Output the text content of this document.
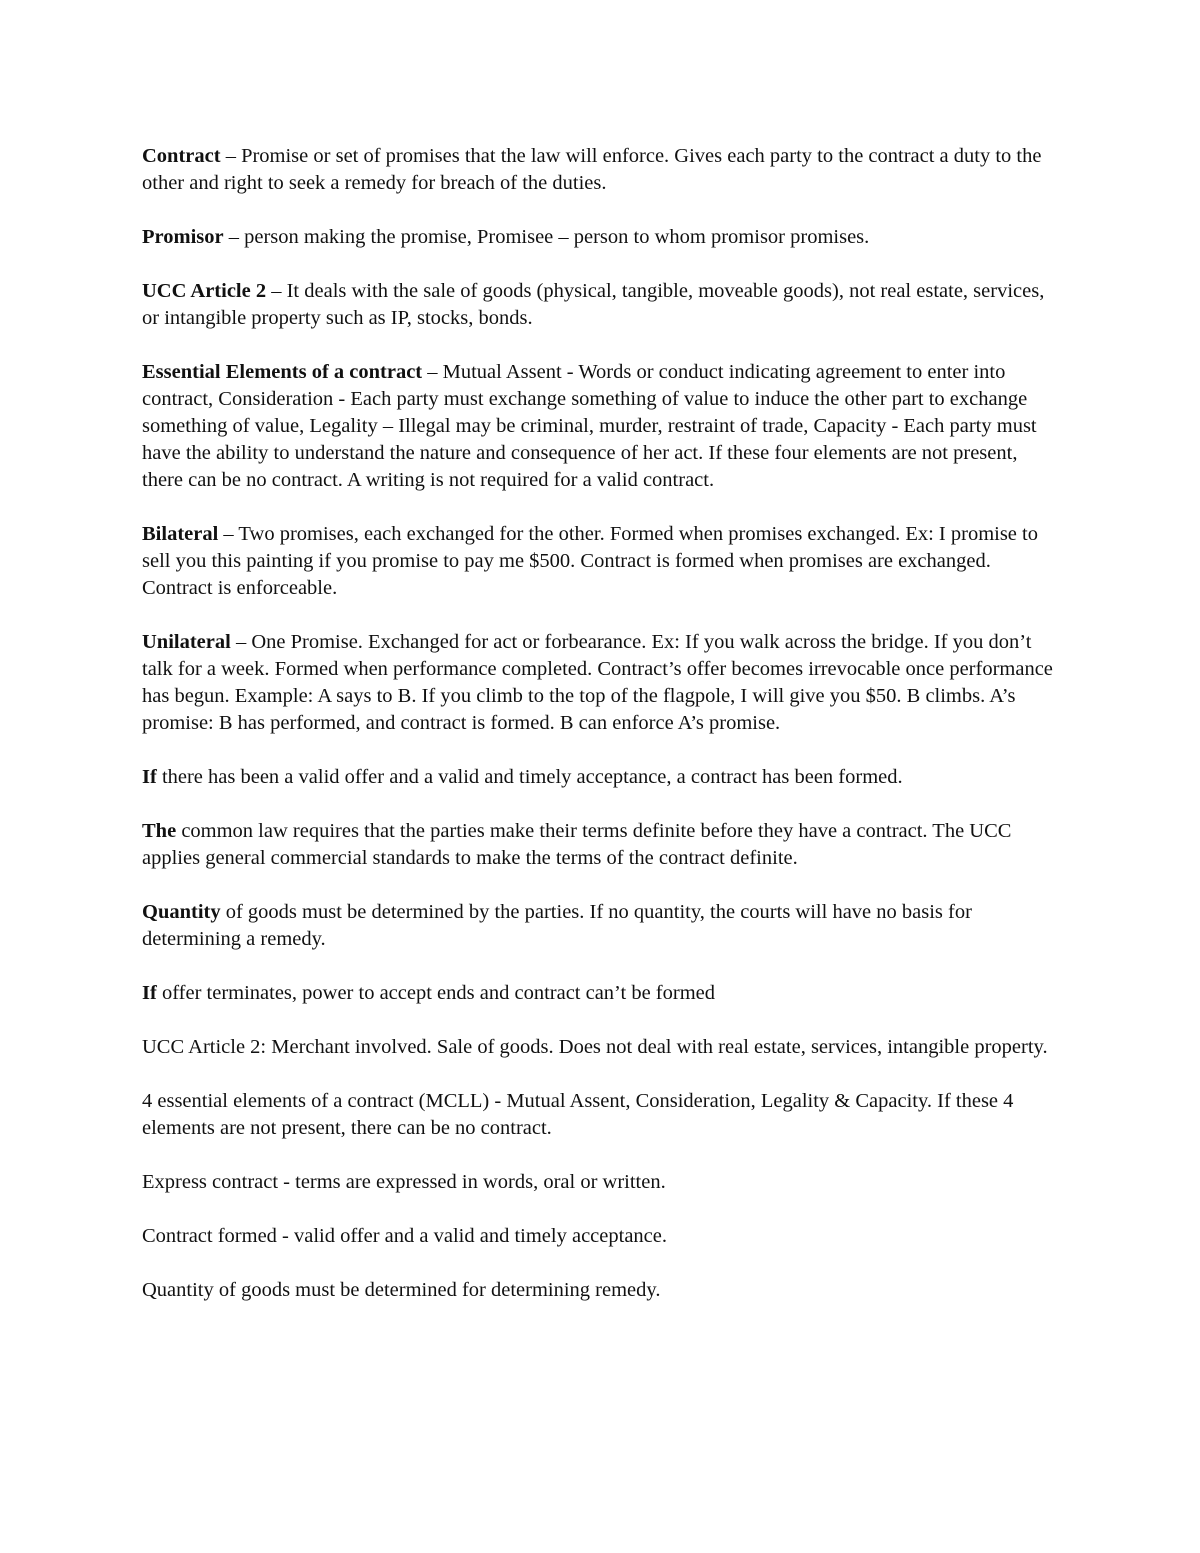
Contract – Promise or set of promises that the law will enforce. Gives each party to the contract a duty to the other and right to seek a remedy for breach of the duties.

Promisor – person making the promise, Promisee – person to whom promisor promises.

UCC Article 2 – It deals with the sale of goods (physical, tangible, moveable goods), not real estate, services, or intangible property such as IP, stocks, bonds.

Essential Elements of a contract – Mutual Assent - Words or conduct indicating agreement to enter into contract, Consideration - Each party must exchange something of value to induce the other part to exchange something of value, Legality – Illegal may be criminal, murder, restraint of trade, Capacity - Each party must have the ability to understand the nature and consequence of her act. If these four elements are not present, there can be no contract. A writing is not required for a valid contract.

Bilateral – Two promises, each exchanged for the other. Formed when promises exchanged. Ex: I promise to sell you this painting if you promise to pay me $500. Contract is formed when promises are exchanged. Contract is enforceable.

Unilateral – One Promise. Exchanged for act or forbearance. Ex: If you walk across the bridge. If you don’t talk for a week. Formed when performance completed. Contract’s offer becomes irrevocable once performance has begun. Example: A says to B. If you climb to the top of the flagpole, I will give you $50. B climbs. A’s promise: B has performed, and contract is formed. B can enforce A’s promise.

If there has been a valid offer and a valid and timely acceptance, a contract has been formed.

The common law requires that the parties make their terms definite before they have a contract. The UCC applies general commercial standards to make the terms of the contract definite.

Quantity of goods must be determined by the parties. If no quantity, the courts will have no basis for determining a remedy.

If offer terminates, power to accept ends and contract can’t be formed

UCC Article 2: Merchant involved. Sale of goods. Does not deal with real estate, services, intangible property.

4 essential elements of a contract (MCLL) - Mutual Assent, Consideration, Legality & Capacity. If these 4 elements are not present, there can be no contract.

Express contract - terms are expressed in words, oral or written.

Contract formed - valid offer and a valid and timely acceptance.

Quantity of goods must be determined for determining remedy.
